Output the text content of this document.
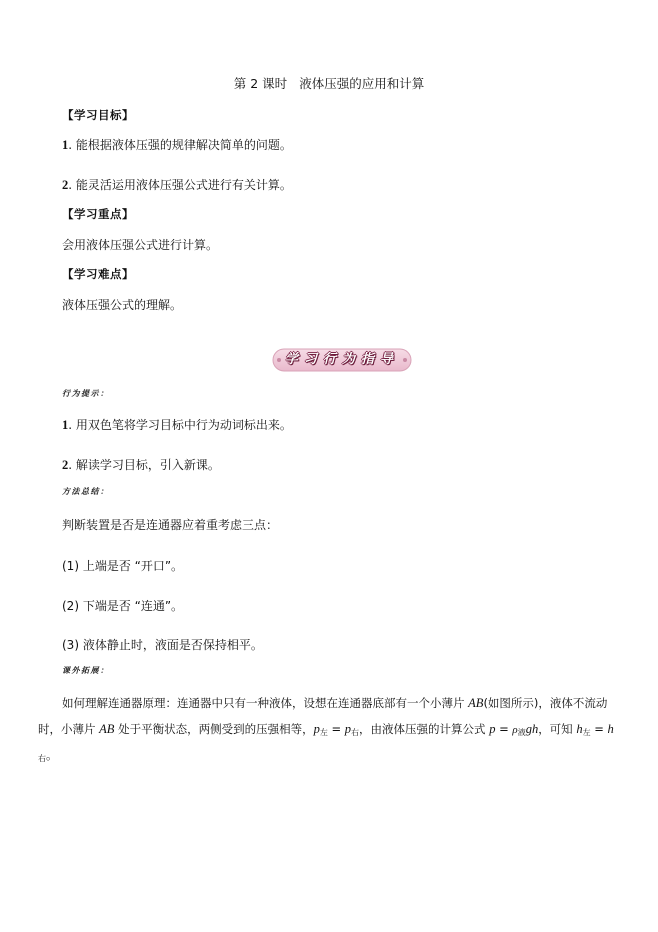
第 2 课时 液体压强的应用和计算
【学习目标】
1. 能根据液体压强的规律解决简单的问题。
2. 能灵活运用液体压强公式进行有关计算。
【学习重点】
会用液体压强公式进行计算。
【学习难点】
液体压强公式的理解。
学习行为指导
行为提示：
1. 用双色笔将学习目标中行为动词标出来。
2. 解读学习目标，引入新课。
方法总结：
判断装置是否是连通器应着重考虑三点：
(1) 上端是否 “开口”。
(2) 下端是否 “连通”。
(3) 液体静止时，液面是否保持相平。
课外拓展：
如何理解连通器原理：连通器中只有一种液体，设想在连通器底部有一个小薄片 AB(如图所示)，液体不流动
时，小薄片 AB 处于平衡状态，两侧受到的压强相等，$p_左 = p_右$，由液体压强的计算公式 $p = \rho_液gh$，可知 $h_左 = h$
$_右$。
